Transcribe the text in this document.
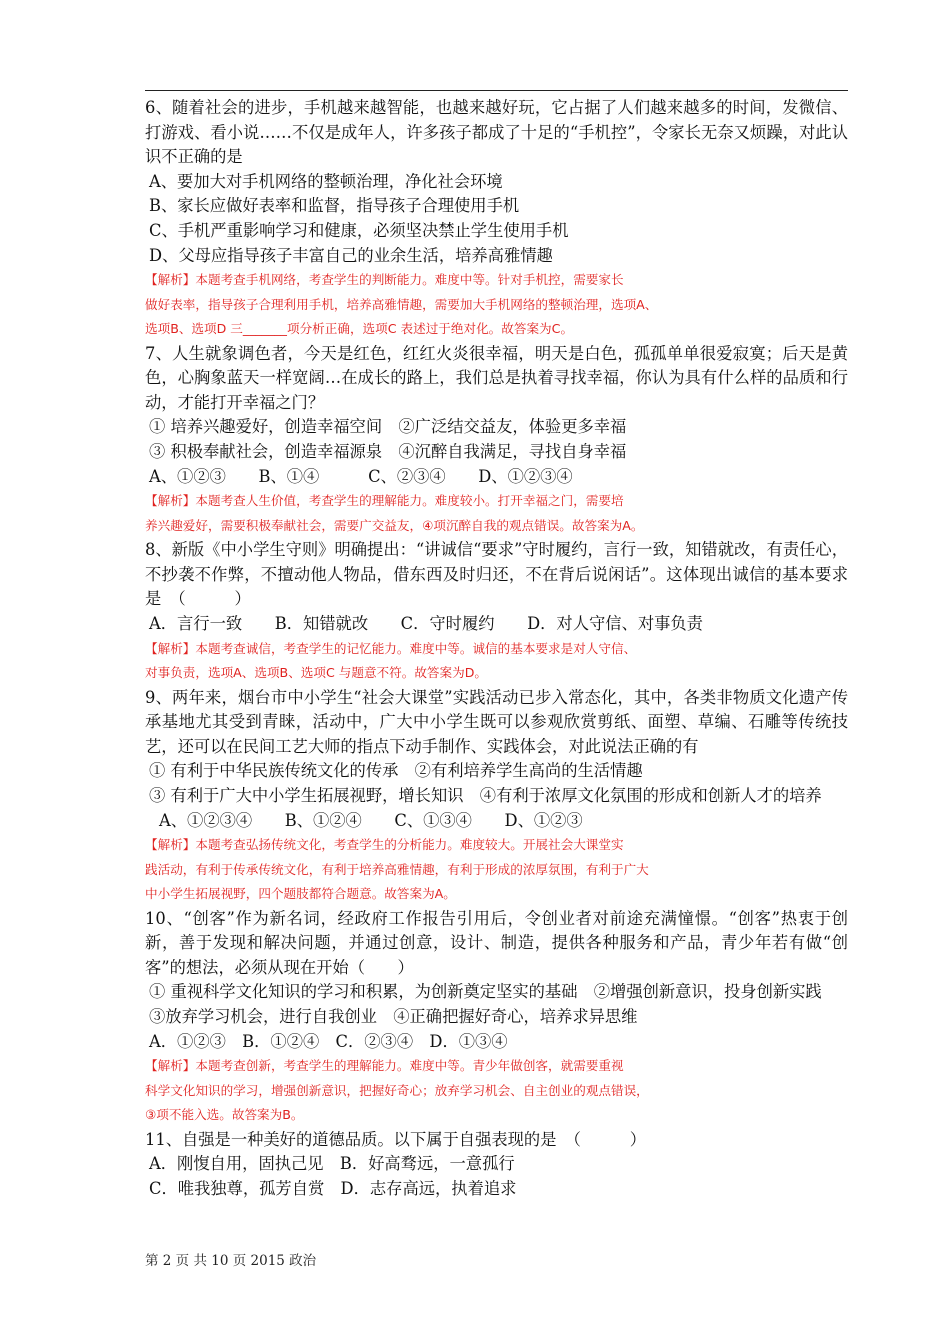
6、随着社会的进步，手机越来越智能，也越来越好玩，它占据了人们越来越多的时间，发微信、打游戏、看小说……不仅是成年人，许多孩子都成了十足的“手机控”，令家长无奈又烦躁，对此认识不正确的是

A、要加大对手机网络的整顿治理，净化社会环境

B、家长应做好表率和监督，指导孩子合理使用手机

C、手机严重影响学习和健康，必须坚决禁止学生使用手机

D、父母应指导孩子丰富自己的业余生活，培养高雅情趣

【解析】本题考查手机网络，考查学生的判断能力。难度中等。针对手机控，需要家长

做好表率，指导孩子合理利用手机，培养高雅情趣，需要加大手机网络的整顿治理，选项A、

选项B、选项D 三_______项分析正确，选项C 表述过于绝对化。故答案为C。

7、人生就象调色者，今天是红色，红红火炎很幸福，明天是白色，孤孤单单很爱寂寞；后天是黄色，心胸象蓝天一样宽阔…在成长的路上，我们总是执着寻找幸福，你认为具有什么样的品质和行动，才能打开幸福之门？

① 培养兴趣爱好，创造幸福空间　②广泛结交益友，体验更多幸福

③ 积极奉献社会，创造幸福源泉　④沉醉自我满足，寻找自身幸福

A、①②③　　B、①④　　　C、②③④　　D、①②③④

【解析】本题考查人生价值，考查学生的理解能力。难度较小。打开幸福之门，需要培

养兴趣爱好，需要积极奉献社会，需要广交益友，④项沉醉自我的观点错误。故答案为A。

8、新版《中小学生守则》明确提出：“讲诚信“要求”守时履约，言行一致，知错就改，有责任心，不抄袭不作弊，不擅动他人物品，借东西及时归还，不在背后说闲话”。这体现出诚信的基本要求是　（　　　）

A．言行一致　　B．知错就改　　C．守时履约　　D．对人守信、对事负责

【解析】本题考查诚信，考查学生的记忆能力。难度中等。诚信的基本要求是对人守信、

对事负责，选项A、选项B、选项C 与题意不符。故答案为D。

9、两年来，烟台市中小学生“社会大课堂”实践活动已步入常态化，其中，各类非物质文化遗产传承基地尤其受到青睐，活动中，广大中小学生既可以参观欣赏剪纸、面塑、草编、石雕等传统技艺，还可以在民间工艺大师的指点下动手制作、实践体会，对此说法正确的有

① 有利于中华民族传统文化的传承　②有利培养学生高尚的生活情趣

③ 有利于广大中小学生拓展视野，增长知识　④有利于浓厚文化氛围的形成和创新人才的培养

A、①②③④　　B、①②④　　C、①③④　　D、①②③

【解析】本题考查弘扬传统文化，考查学生的分析能力。难度较大。开展社会大课堂实

践活动，有利于传承传统文化，有利于培养高雅情趣，有利于形成的浓厚氛围，有利于广大

中小学生拓展视野，四个题肢都符合题意。故答案为A。

10、“创客”作为新名词，经政府工作报告引用后，令创业者对前途充满憧憬。“创客”热衷于创新，善于发现和解决问题，并通过创意，设计、制造，提供各种服务和产品，青少年若有做“创客”的想法，必须从现在开始（　　）

① 重视科学文化知识的学习和积累，为创新奠定坚实的基础　②增强创新意识，投身创新实践

③放弃学习机会，进行自我创业　④正确把握好奇心，培养求异思维

A．①②③　B．①②④　C．②③④　D．①③④

【解析】本题考查创新，考查学生的理解能力。难度中等。青少年做创客，就需要重视

科学文化知识的学习，增强创新意识，把握好奇心；放弃学习机会、自主创业的观点错误，

③项不能入选。故答案为B。

11、自强是一种美好的道德品质。以下属于自强表现的是　（　　　）

A．刚愎自用，固执己见　B．好高骛远，一意孤行

C．唯我独尊，孤芳自赏　D．志存高远，执着追求

第 2 页 共 10 页 2015 政治
